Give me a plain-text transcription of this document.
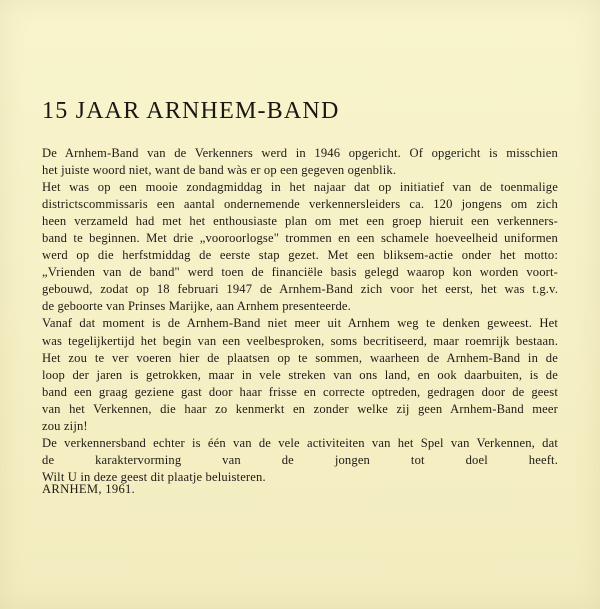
15 JAAR ARNHEM-BAND

De Arnhem-Band van de Verkenners werd in 1946 opgericht. Of opgericht is misschien
het juiste woord niet, want de band wàs er op een gegeven ogenblik.

Het was op een mooie zondagmiddag in het najaar dat op initiatief van de toenmalige
districtscommissaris een aantal ondernemende verkennersleiders ca. 120 jongens om zich
heen verzameld had met het enthousiaste plan om met een groep hieruit een verkenners-
band te beginnen. Met drie „vooroorlogse" trommen en een schamele hoeveelheid uniformen
werd op die herfstmiddag de eerste stap gezet. Met een bliksem-actie onder het motto:
„Vrienden van de band" werd toen de financiële basis gelegd waarop kon worden voort-
gebouwd, zodat op 18 februari 1947 de Arnhem-Band zich voor het eerst, het was t.g.v.
de geboorte van Prinses Marijke, aan Arnhem presenteerde.

Vanaf dat moment is de Arnhem-Band niet meer uit Arnhem weg te denken geweest. Het
was tegelijkertijd het begin van een veelbesproken, soms becritiseerd, maar roemrijk bestaan.
Het zou te ver voeren hier de plaatsen op te sommen, waarheen de Arnhem-Band in de
loop der jaren is getrokken, maar in vele streken van ons land, en ook daarbuiten, is de
band een graag geziene gast door haar frisse en correcte optreden, gedragen door de geest
van het Verkennen, die haar zo kenmerkt en zonder welke zij geen Arnhem-Band meer
zou zijn!

De verkennersband echter is één van de vele activiteiten van het Spel van Verkennen, dat
de karaktervorming van de jongen tot doel heeft.
Wilt U in deze geest dit plaatje beluisteren.

ARNHEM, 1961.
